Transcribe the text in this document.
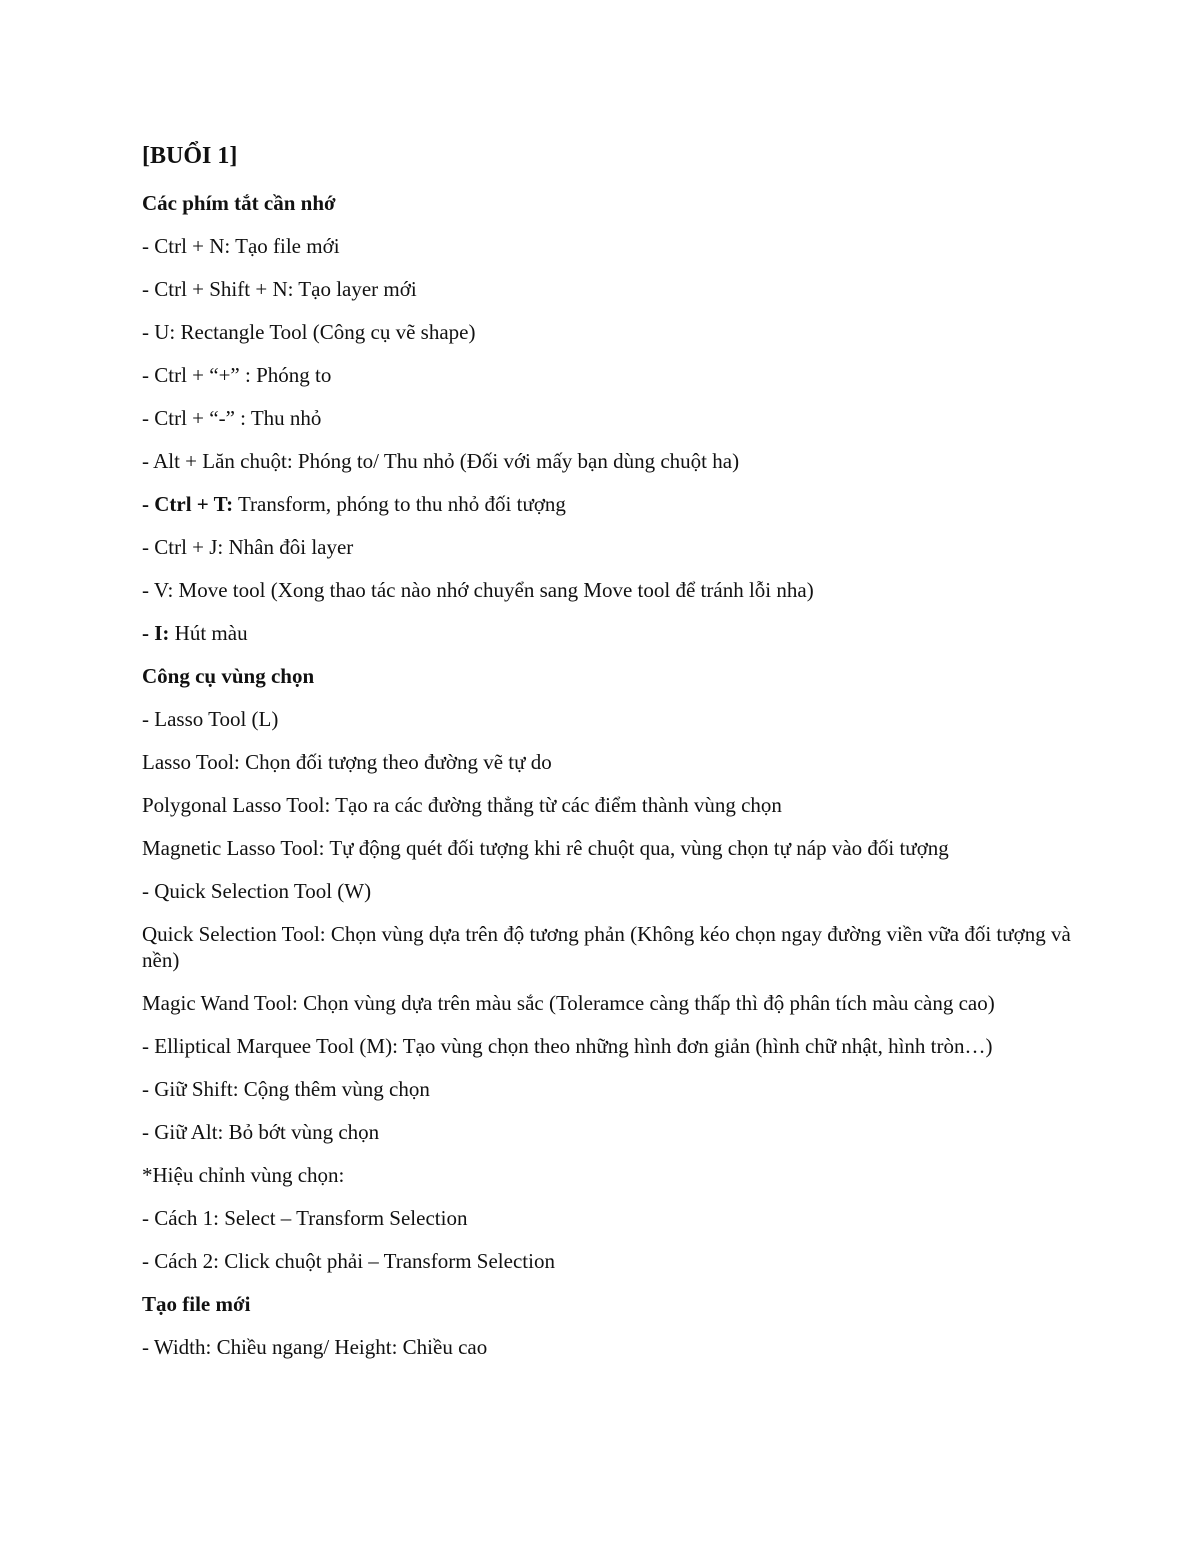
[BUỔI 1]
Các phím tắt cần nhớ
- Ctrl + N: Tạo file mới
- Ctrl + Shift + N: Tạo layer mới
- U: Rectangle Tool (Công cụ vẽ shape)
- Ctrl + “+” : Phóng to
- Ctrl + “-” : Thu nhỏ
- Alt + Lăn chuột: Phóng to/ Thu nhỏ (Đối với mấy bạn dùng chuột ha)
- Ctrl + T: Transform, phóng to thu nhỏ đối tượng
- Ctrl + J: Nhân đôi layer
- V: Move tool (Xong thao tác nào nhớ chuyển sang Move tool để tránh lỗi nha)
- I: Hút màu
Công cụ vùng chọn
- Lasso Tool (L)
Lasso Tool: Chọn đối tượng theo đường vẽ tự do
Polygonal Lasso Tool: Tạo ra các đường thẳng từ các điểm thành vùng chọn
Magnetic Lasso Tool: Tự động quét đối tượng khi rê chuột qua, vùng chọn tự náp vào đối tượng
- Quick Selection Tool (W)
Quick Selection Tool: Chọn vùng dựa trên độ tương phản (Không kéo chọn ngay đường viền vữa đối tượng và nền)
Magic Wand Tool: Chọn vùng dựa trên màu sắc (Toleramce càng thấp thì độ phân tích màu càng cao)
- Elliptical Marquee Tool (M): Tạo vùng chọn theo những hình đơn giản (hình chữ nhật, hình tròn…)
- Giữ Shift: Cộng thêm vùng chọn
- Giữ Alt: Bỏ bớt vùng chọn
*Hiệu chỉnh vùng chọn:
- Cách 1: Select – Transform Selection
- Cách 2: Click chuột phải – Transform Selection
Tạo file mới
- Width: Chiều ngang/ Height: Chiều cao
